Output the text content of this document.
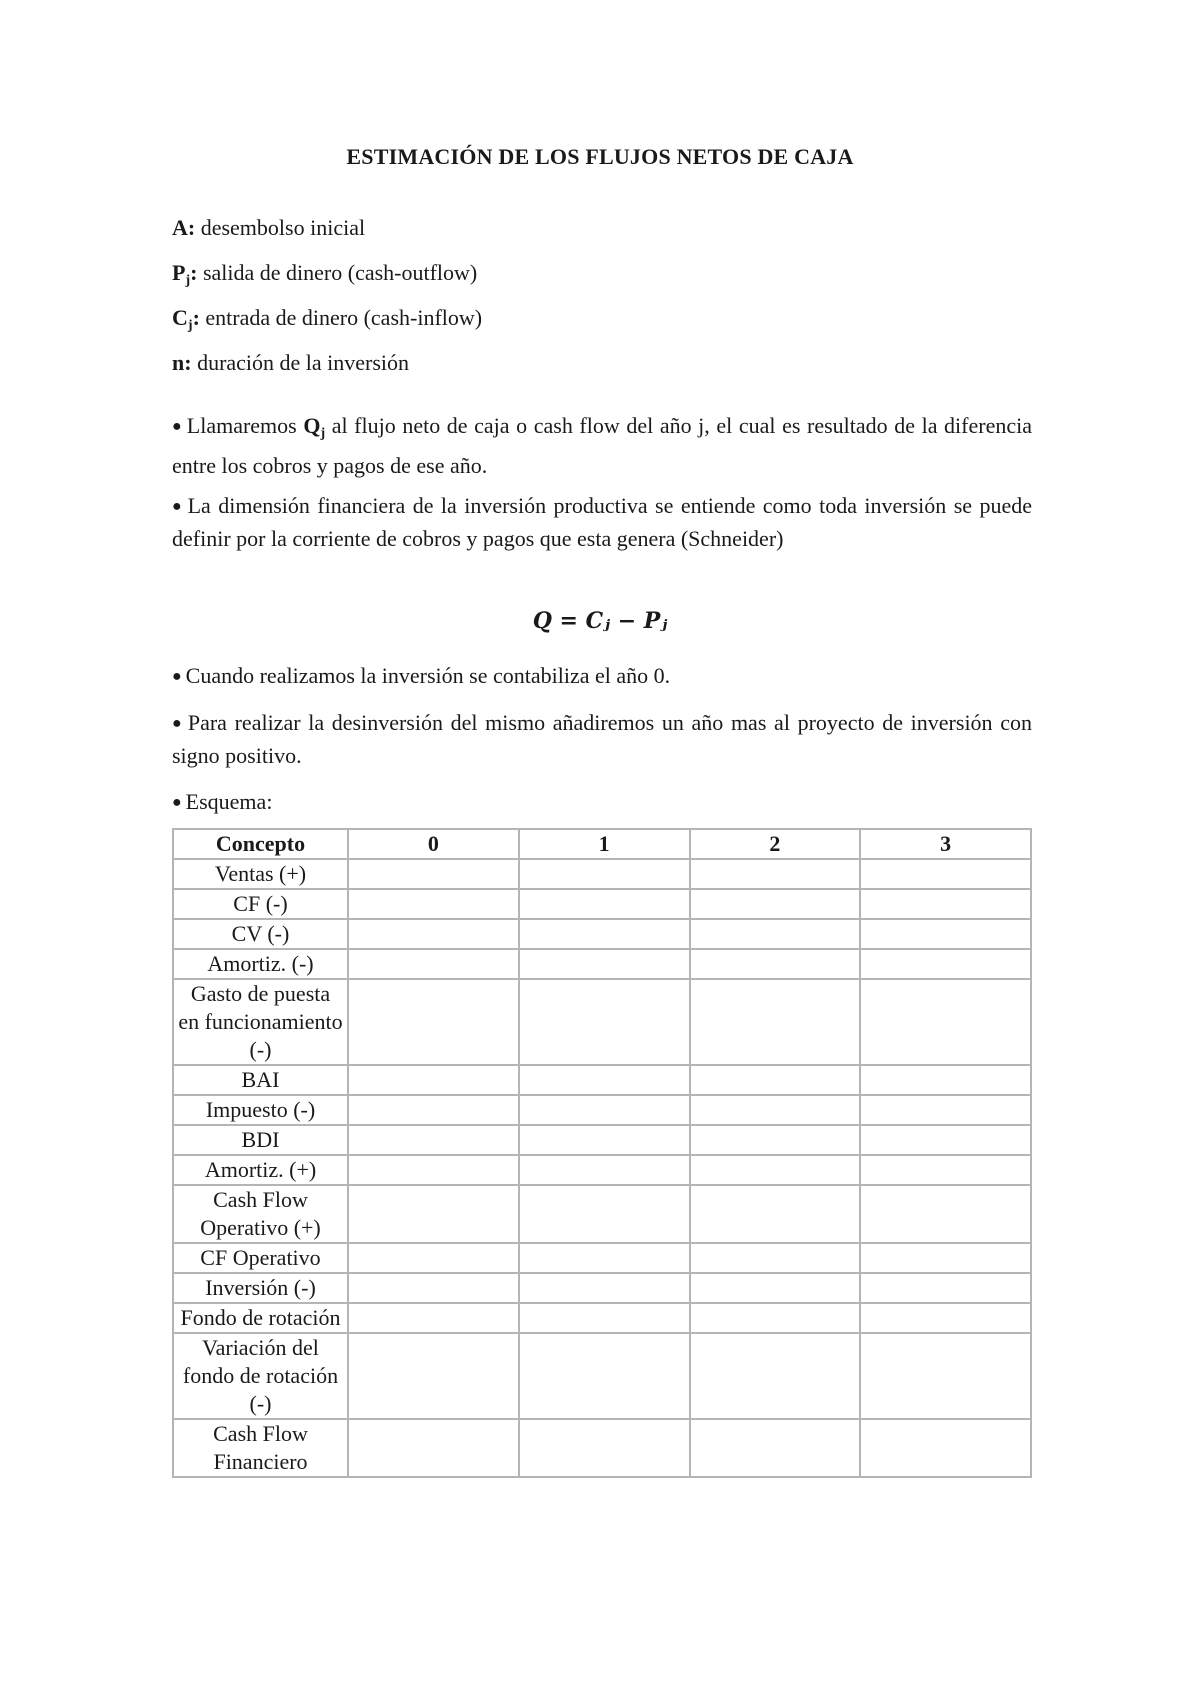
ESTIMACIÓN DE LOS FLUJOS NETOS DE CAJA

A: desembolso inicial

$P_j$: salida de dinero (cash-outflow)

$C_j$: entrada de dinero (cash-inflow)

n: duración de la inversión

● Llamaremos $Q_j$ al flujo neto de caja o cash flow del año j, el cual es resultado de la diferencia entre los cobros y pagos de ese año.

● La dimensión financiera de la inversión productiva se entiende como toda inversión se puede definir por la corriente de cobros y pagos que esta genera (Schneider)

Q = Cⱼ − Pⱼ

● Cuando realizamos la inversión se contabiliza el año 0.

● Para realizar la desinversión del mismo añadiremos un año mas al proyecto de inversión con signo positivo.

● Esquema:

Concepto	0	1	2	3
Ventas (+)				
CF (-)				
CV (-)				
Amortiz. (-)				
Gasto de puesta en funcionamiento (-)				
BAI				
Impuesto (-)				
BDI				
Amortiz. (+)				
Cash Flow Operativo (+)				
CF Operativo				
Inversión (-)				
Fondo de rotación				
Variación del fondo de rotación (-)				
Cash Flow Financiero				
